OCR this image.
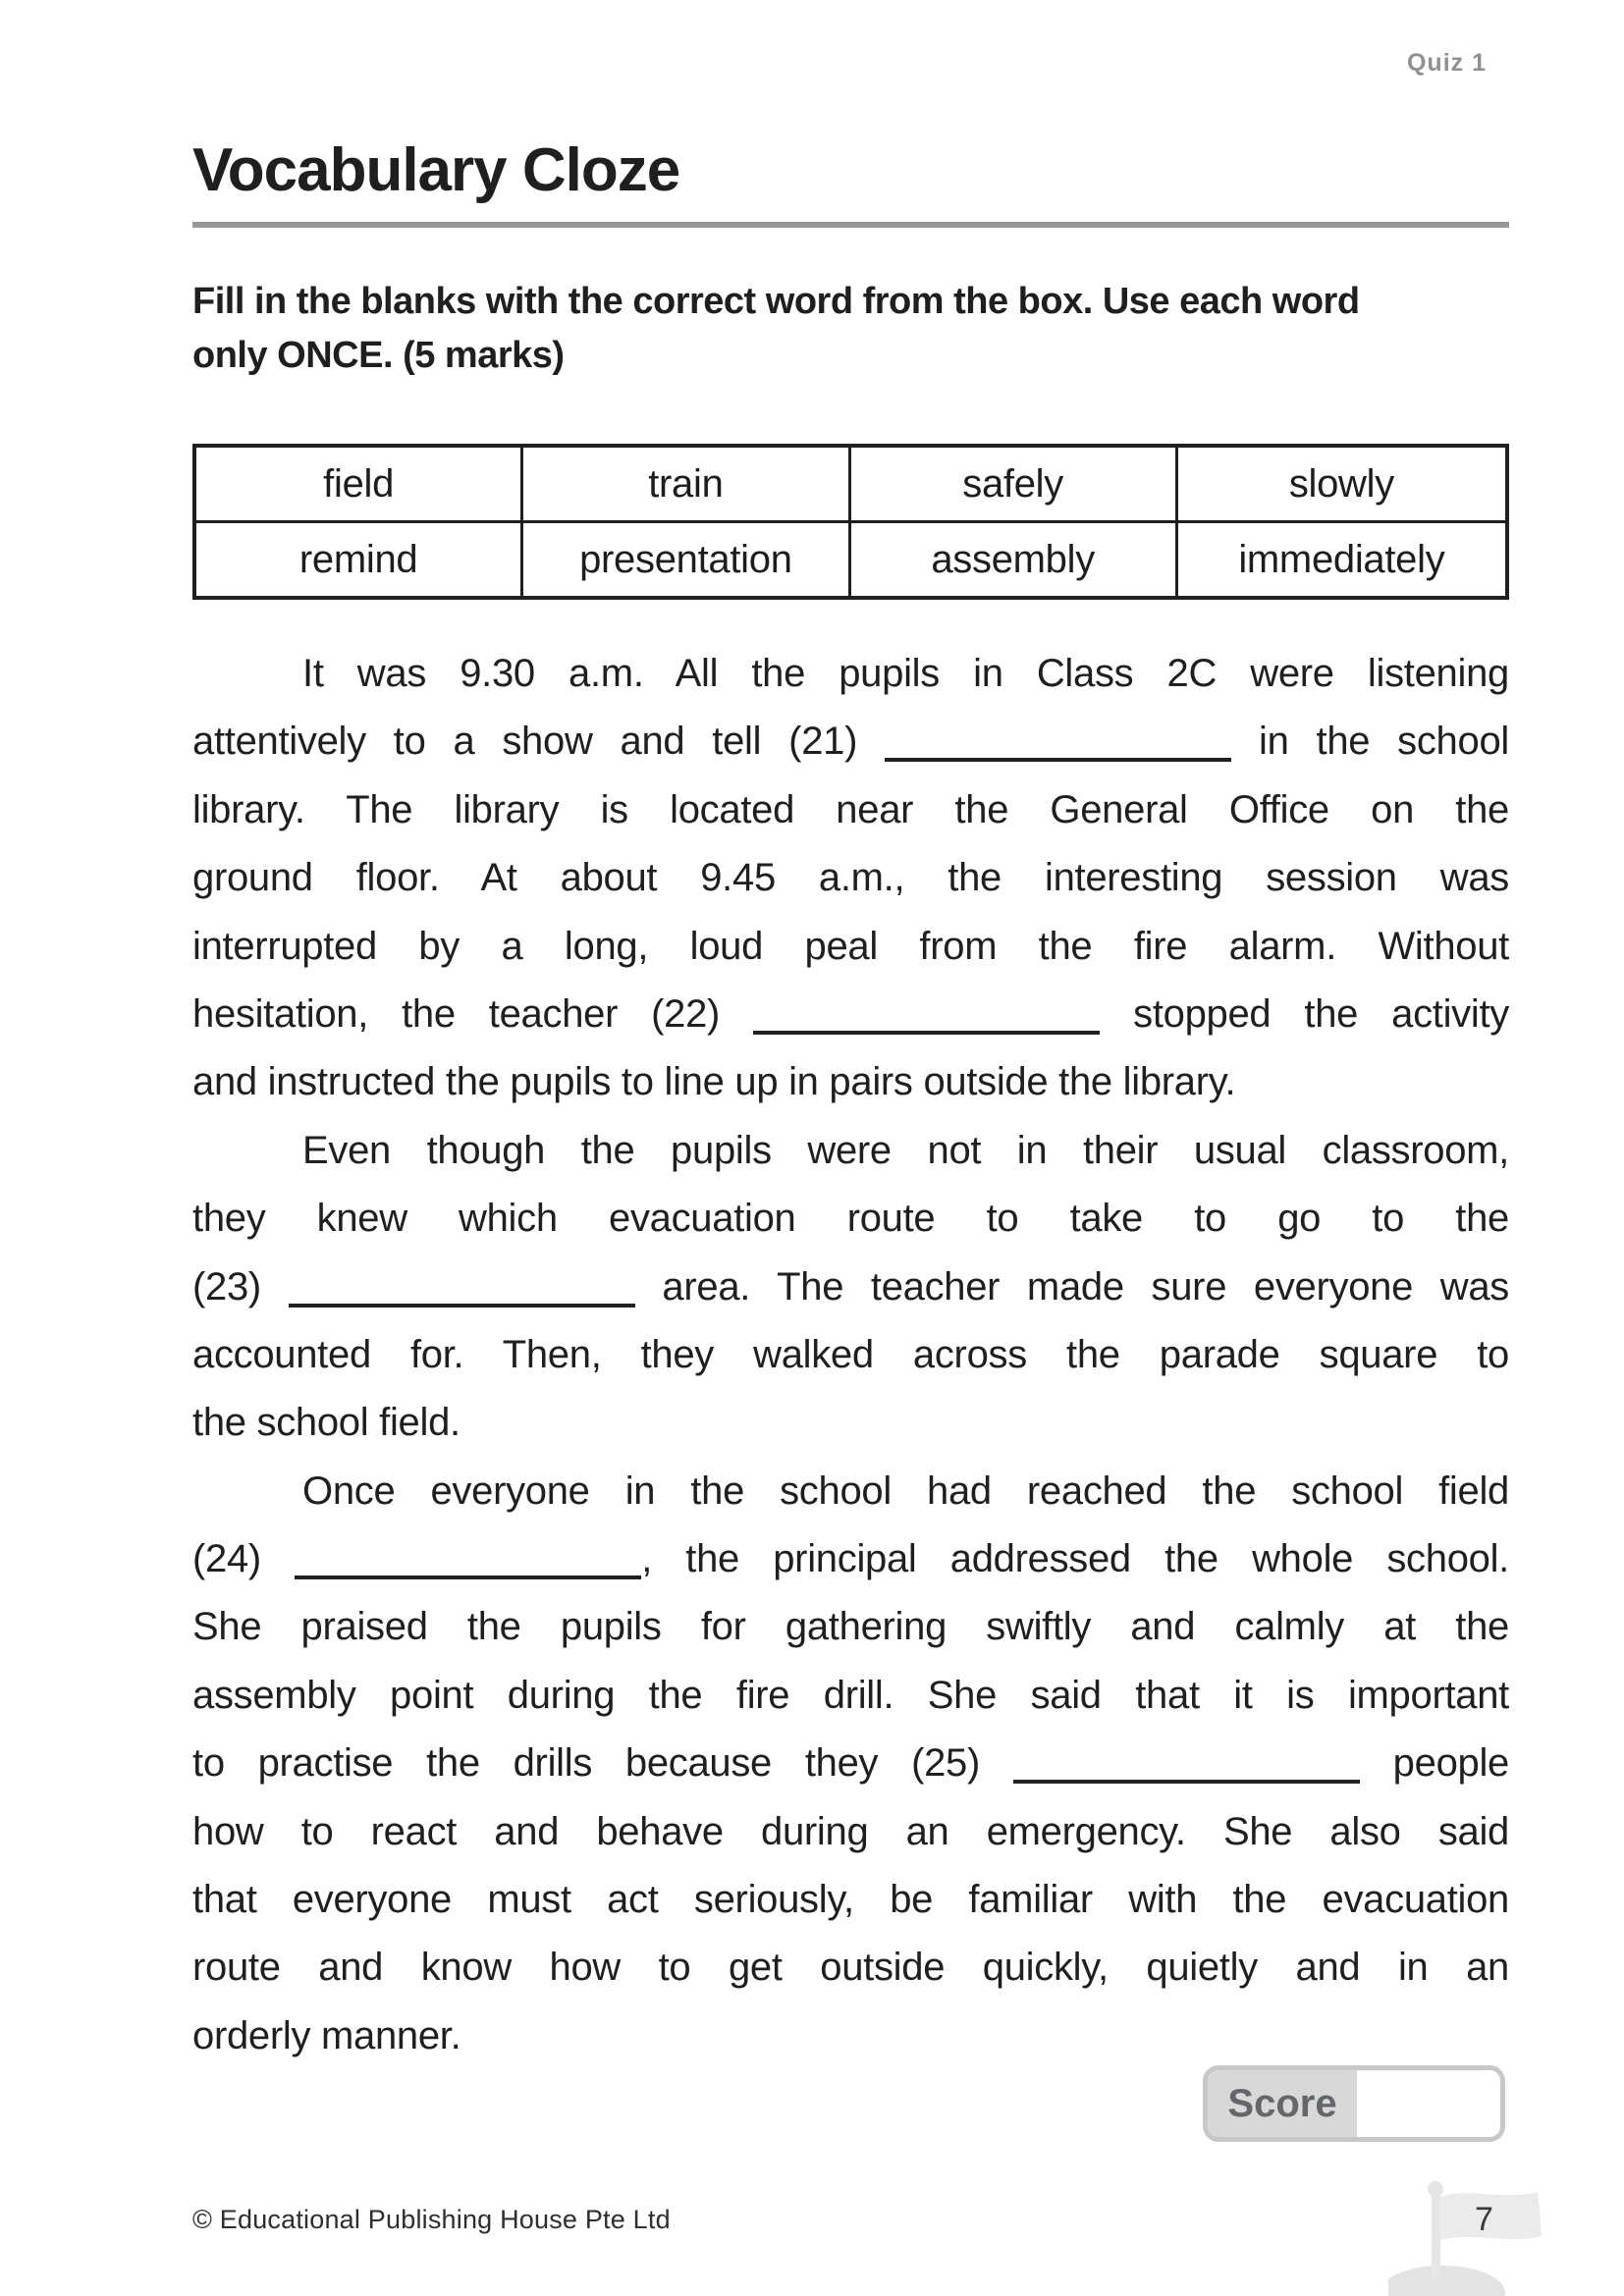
Quiz 1
Vocabulary Cloze
Fill in the blanks with the correct word from the box. Use each word
only ONCE. (5 marks)
field	train	safely	slowly
remind	presentation	assembly	immediately
It was 9.30 a.m. All the pupils in Class 2C were listening
attentively to a show and tell (21)	in the school
library. The library is located near the General Office on the
ground floor. At about 9.45 a.m., the interesting session was
interrupted by a long, loud peal from the fire alarm. Without
hesitation, the teacher (22)	stopped the activity
and instructed the pupils to line up in pairs outside the library.
Even though the pupils were not in their usual classroom,
they knew which evacuation route to take to go to the
(23)	area. The teacher made sure everyone was
accounted for. Then, they walked across the parade square to
the school field.
Once everyone in the school had reached the school field
(24)	, the principal addressed the whole school.
She praised the pupils for gathering swiftly and calmly at the
assembly point during the fire drill. She said that it is important
to practise the drills because they (25)	people
how to react and behave during an emergency. She also said
that everyone must act seriously, be familiar with the evacuation
route and know how to get outside quickly, quietly and in an
orderly manner.
Score
© Educational Publishing House Pte Ltd	7
